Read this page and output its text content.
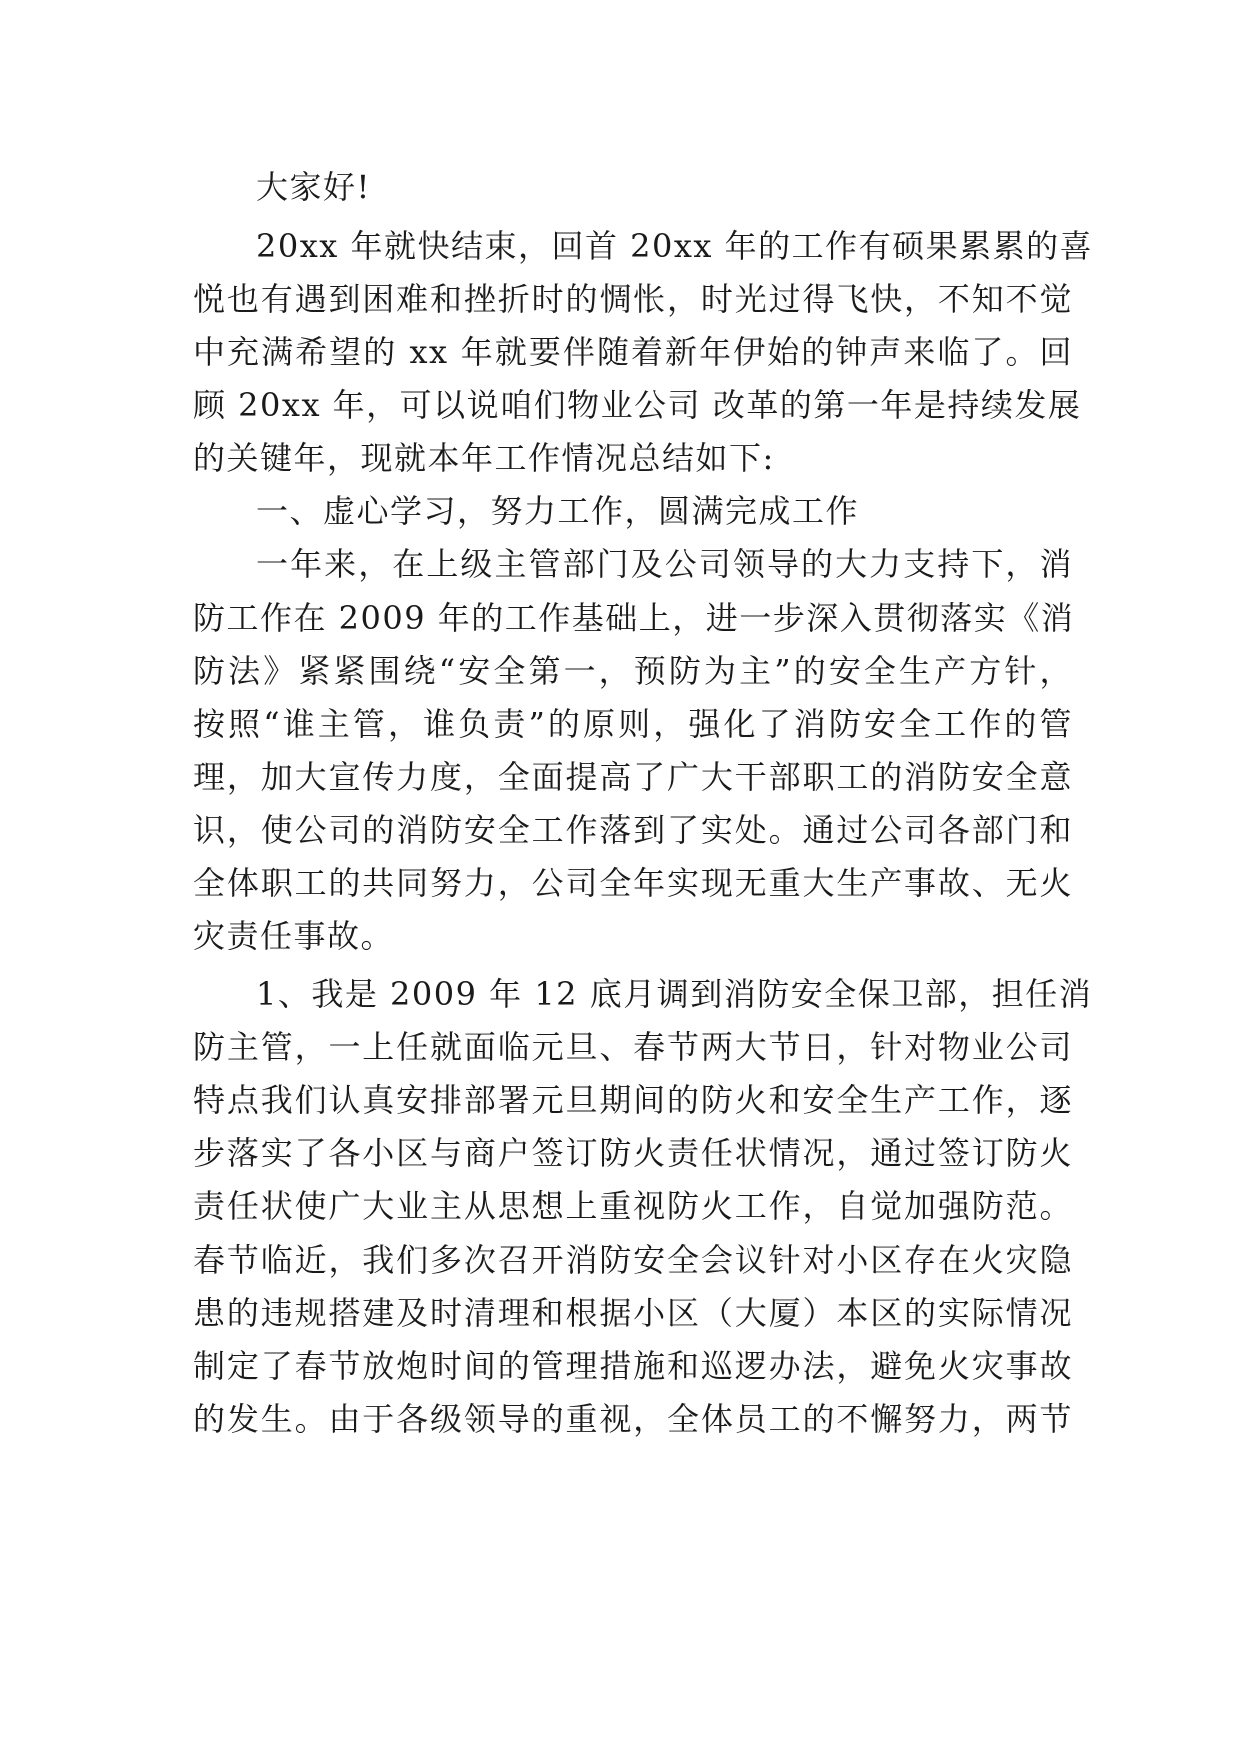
大家好!
20xx 年就快结束，回首 20xx 年的工作有硕果累累的喜
悦也有遇到困难和挫折时的惆怅，时光过得飞快，不知不觉
中充满希望的 xx 年就要伴随着新年伊始的钟声来临了。回
顾 20xx 年，可以说咱们物业公司 改革的第一年是持续发展
的关键年，现就本年工作情况总结如下:
一、虚心学习，努力工作，圆满完成工作
一年来，在上级主管部门及公司领导的大力支持下，消
防工作在 2009 年的工作基础上，进一步深入贯彻落实《消
防法》紧紧围绕“安全第一，预防为主”的安全生产方针，
按照“谁主管，谁负责”的原则，强化了消防安全工作的管
理，加大宣传力度，全面提高了广大干部职工的消防安全意
识，使公司的消防安全工作落到了实处。通过公司各部门和
全体职工的共同努力，公司全年实现无重大生产事故、无火
灾责任事故。
1、我是 2009 年 12 底月调到消防安全保卫部，担任消
防主管，一上任就面临元旦、春节两大节日，针对物业公司
特点我们认真安排部署元旦期间的防火和安全生产工作，逐
步落实了各小区与商户签订防火责任状情况，通过签订防火
责任状使广大业主从思想上重视防火工作，自觉加强防范。
春节临近，我们多次召开消防安全会议针对小区存在火灾隐
患的违规搭建及时清理和根据小区（大厦）本区的实际情况
制定了春节放炮时间的管理措施和巡逻办法，避免火灾事故
的发生。由于各级领导的重视，全体员工的不懈努力，两节
